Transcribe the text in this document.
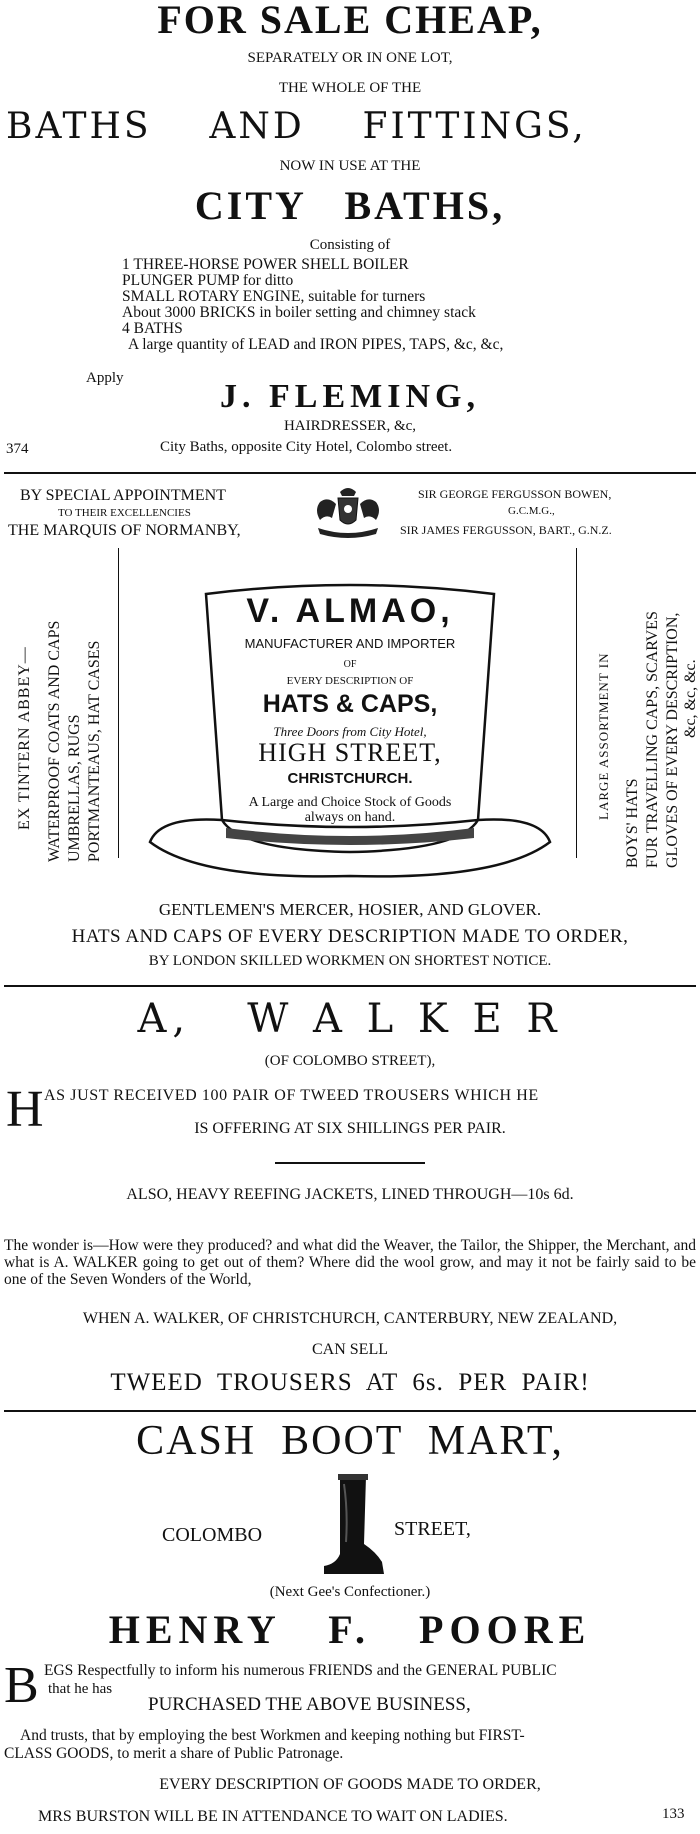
FOR SALE CHEAP,
SEPARATELY OR IN ONE LOT,
THE WHOLE OF THE
BATHS    AND    FITTINGS,
NOW IN USE AT THE
CITY   BATHS,
Consisting of
1 THREE-HORSE POWER SHELL BOILER
PLUNGER PUMP for ditto
SMALL ROTARY ENGINE, suitable for turners
About 3000 BRICKS in boiler setting and chimney stack
4 BATHS
A large quantity of LEAD and IRON PIPES, TAPS, &c, &c,
Apply	J. FLEMING,
HAIRDRESSER, &c,
374	City Baths, opposite City Hotel, Colombo street.
BY SPECIAL APPOINTMENT
TO THEIR EXCELLENCIES
THE MARQUIS OF NORMANBY,
SIR GEORGE FERGUSSON BOWEN,
G.C.M.G.,
SIR JAMES FERGUSSON, BART., G.N.Z.
EX TINTERN ABBEY— WATERPROOF COATS AND CAPS UMBRELLAS, RUGS PORTMANTEAUS, HAT CASES	LARGE ASSORTMENT IN
BOYS' HATS FUR TRAVELLING CAPS, SCARVES GLOVES OF EVERY DESCRIPTION, &c, &c, &c.
V. ALMAO,
MANUFACTURER AND IMPORTER
OF
EVERY DESCRIPTION OF
HATS & CAPS,
Three Doors from City Hotel,
HIGH STREET,
CHRISTCHURCH.
A Large and Choice Stock of Goods
always on hand.
GENTLEMEN'S MERCER, HOSIER, AND GLOVER.
HATS AND CAPS OF EVERY DESCRIPTION MADE TO ORDER,
BY LONDON SKILLED WORKMEN ON SHORTEST NOTICE.
A,   W A L K E R
(OF COLOMBO STREET),
H AS JUST RECEIVED 100 PAIR OF TWEED TROUSERS WHICH HE
IS OFFERING AT SIX SHILLINGS PER PAIR.
ALSO, HEAVY REEFING JACKETS, LINED THROUGH—10s 6d.
The wonder is—How were they produced? and what did the Weaver, the Tailor, the Shipper, the Merchant, and what is A. WALKER going to get out of them? Where did the wool grow, and may it not be fairly said to be one of the Seven Wonders of the World,
WHEN A. WALKER, OF CHRISTCHURCH, CANTERBURY, NEW ZEALAND,
CAN SELL
TWEED  TROUSERS  AT  6s.  PER  PAIR!
CASH  BOOT  MART,
COLOMBO	STREET,
(Next Gee's Confectioner.)
HENRY   F.   POORE
B EGS Respectfully to inform his numerous FRIENDS and the GENERAL PUBLIC
that he has
PURCHASED THE ABOVE BUSINESS,
And trusts, that by employing the best Workmen and keeping nothing but FIRST-
CLASS GOODS, to merit a share of Public Patronage.
EVERY DESCRIPTION OF GOODS MADE TO ORDER,
MRS BURSTON WILL BE IN ATTENDANCE TO WAIT ON LADIES.	133
